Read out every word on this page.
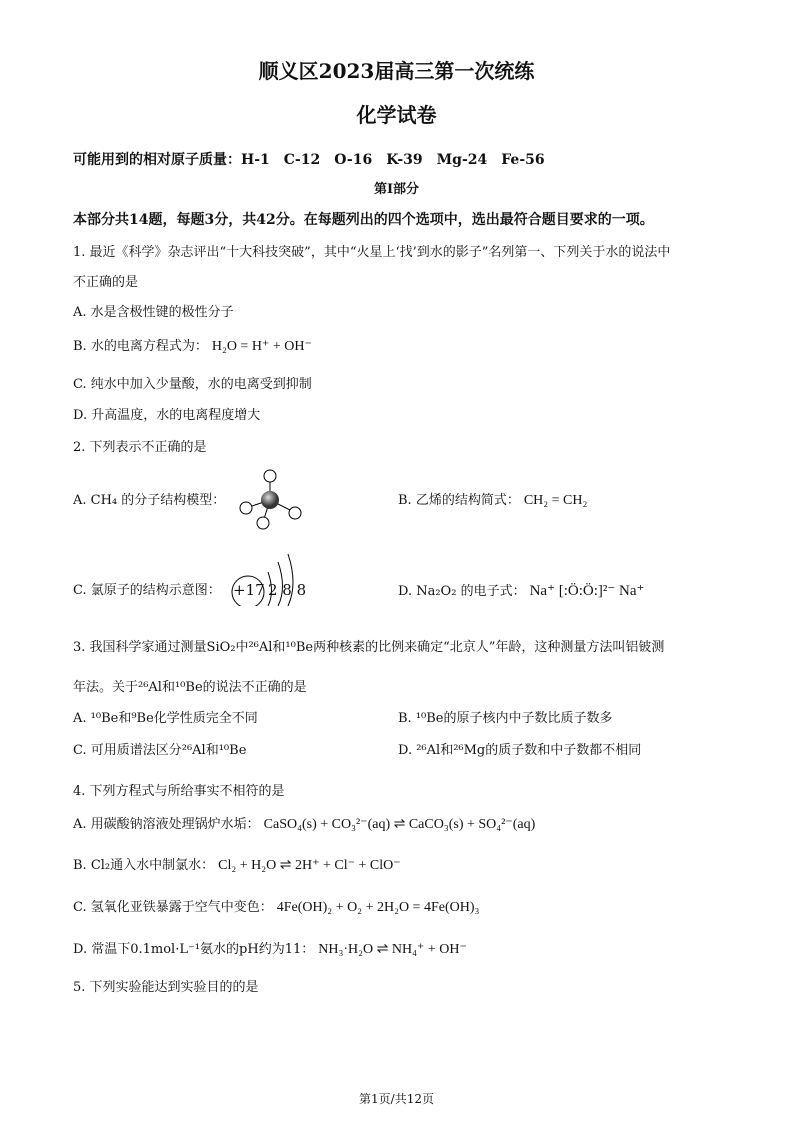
顺义区2023届高三第一次统练
化学试卷
可能用到的相对原子质量：H-1　C-12　O-16　K-39　Mg-24　Fe-56
第I部分
本部分共14题，每题3分，共42分。在每题列出的四个选项中，选出最符合题目要求的一项。
1. 最近《科学》杂志评出“十大科技突破”，其中“火星上‘找’到水的影子”名列第一、下列关于水的说法中
不正确的是
A. 水是含极性键的极性分子
B. 水的电离方程式为： H₂O = H⁺ + OH⁻
C. 纯水中加入少量酸，水的电离受到抑制
D. 升高温度，水的电离程度增大
2. 下列表示不正确的是
A. CH₄ 的分子结构模型：	B. 乙烯的结构简式： CH₂ = CH₂
C. 氯原子的结构示意图： +17 2 8 8	D. Na₂O₂ 的电子式： Na⁺ [:Ö:Ö:]²⁻ Na⁺
3. 我国科学家通过测量SiO₂中²⁶Al和¹⁰Be两种核素的比例来确定“北京人”年龄，这种测量方法叫铝铍测
年法。关于²⁶Al和¹⁰Be的说法不正确的是
A. ¹⁰Be和⁹Be化学性质完全不同	B. ¹⁰Be的原子核内中子数比质子数多
C. 可用质谱法区分²⁶Al和¹⁰Be	D. ²⁶Al和²⁶Mg的质子数和中子数都不相同
4. 下列方程式与所给事实不相符的是
A. 用碳酸钠溶液处理锅炉水垢： CaSO₄(s) + CO₃²⁻(aq) ⇌ CaCO₃(s) + SO₄²⁻(aq)
B. Cl₂通入水中制氯水： Cl₂ + H₂O ⇌ 2H⁺ + Cl⁻ + ClO⁻
C. 氢氧化亚铁暴露于空气中变色： 4Fe(OH)₂ + O₂ + 2H₂O = 4Fe(OH)₃
D. 常温下0.1mol·L⁻¹氨水的pH约为11： NH₃·H₂O ⇌ NH₄⁺ + OH⁻
5. 下列实验能达到实验目的的是
第1页/共12页
